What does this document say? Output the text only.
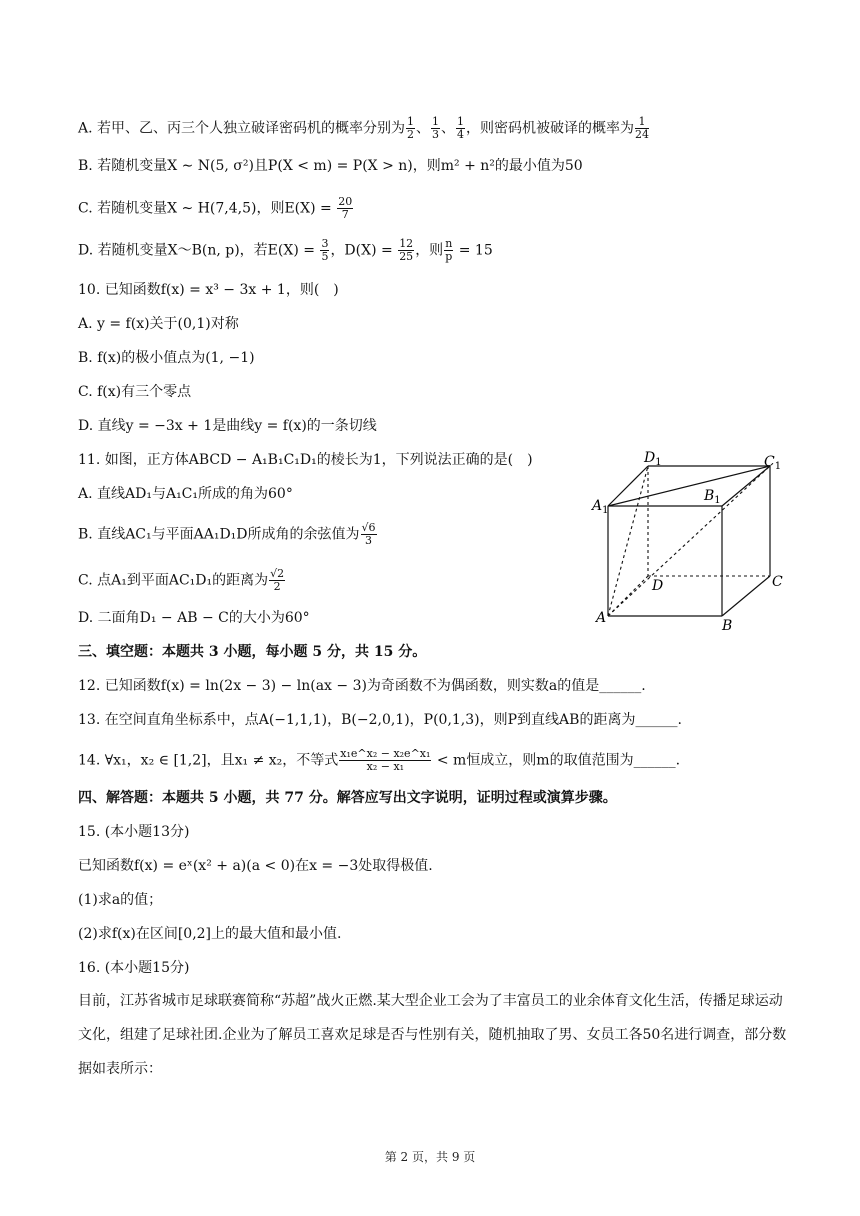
A. 若甲、乙、丙三个人独立破译密码机的概率分别为 $\frac{1}{2}$ 、 $\frac{1}{3}$ 、 $\frac{1}{4}$ ，则密码机被破译的概率为 $\frac{1}{24}$
B. 若随机变量X ∼ N(5, σ²)且P(X < m) = P(X > n)，则m² + n²的最小值为50
C. 若随机变量X ∼ H(7,4,5)，则$E(X) = \frac{20}{7}$
D. 若随机变量X～B(n, p)，若$E(X) = \frac{3}{5}$ ，$D(X) = \frac{12}{25}$ ，则 $\frac{n}{p} = 15$
10. 已知函数f(x) = x³ − 3x + 1，则(　)
A. y = f(x)关于(0,1)对称
B. f(x)的极小值点为(1, −1)
C. f(x)有三个零点
D. 直线y = −3x + 1是曲线y = f(x)的一条切线
11. 如图，正方体ABCD − A₁B₁C₁D₁的棱长为1，下列说法正确的是(　)
A. 直线AD₁与A₁C₁所成的角为60°
B. 直线AC₁与平面AA₁D₁D所成角的余弦值为 $\frac{√6}{3}$
C. 点A₁到平面AC₁D₁的距离为 $\frac{√2}{2}$
D. 二面角D₁ − AB − C的大小为60°
$D_1$	$C_1$
$A_1$
$B_1$
D	C
A	B
三、填空题：本题共 3 小题，每小题 5 分，共 15 分。
12. 已知函数f(x) = ln(2x − 3) − ln(ax − 3)为奇函数不为偶函数，则实数a的值是______.
13. 在空间直角坐标系中，点A(−1,1,1)，B(−2,0,1)，P(0,1,3)，则P到直线AB的距离为______.
14. ∀x₁，x₂ ∈ [1,2]，且x₁ ≠ x₂，不等式 $\frac{\text{x₁e\textasciicircum{}x₂ − x₂e\textasciicircum{}x₁}}{\text{x₂ − x₁}} < m$恒成立，则m的取值范围为______.
四、解答题：本题共 5 小题，共 77 分。解答应写出文字说明，证明过程或演算步骤。
15. (本小题13分)
已知函数f(x) = eˣ(x² + a)(a < 0)在x = −3处取得极值.
(1)求a的值；
(2)求f(x)在区间[0,2]上的最大值和最小值.
16. (本小题15分)
目前，江苏省城市足球联赛简称“苏超”战火正燃.某大型企业工会为了丰富员工的业余体育文化生活，传播足球运动文化，组建了足球社团.企业为了解员工喜欢足球是否与性别有关，随机抽取了男、女员工各50名进行调查，部分数据如表所示：
第 2 页，共 9 页
